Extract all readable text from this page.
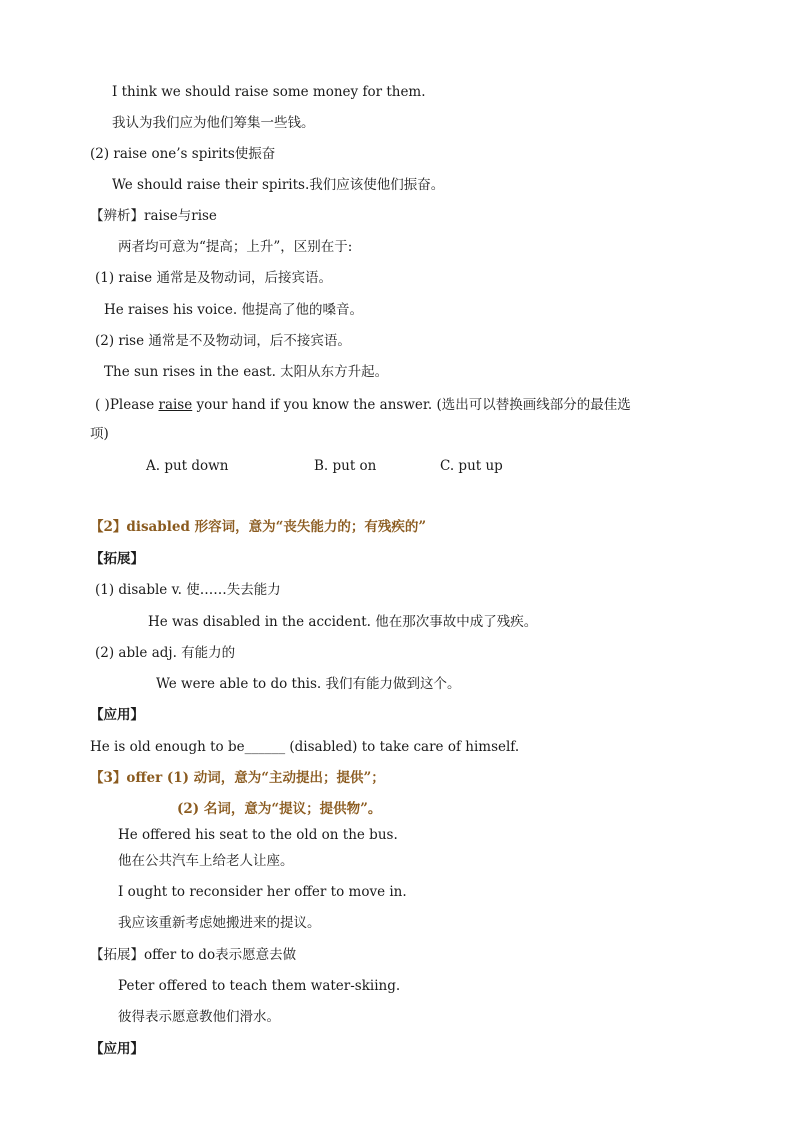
I think we should raise some money for them.
我认为我们应为他们筹集一些钱。
(2) raise one’s spirits使振奋
We should raise their spirits.我们应该使他们振奋。
【辨析】raise与rise
两者均可意为“提高；上升”，区别在于:
(1) raise 通常是及物动词，后接宾语。
He raises his voice. 他提高了他的嗓音。
(2) rise 通常是不及物动词，后不接宾语。
The sun rises in the east. 太阳从东方升起。
( )Please raise your hand if you know the answer. (选出可以替换画线部分的最佳选
项)
A. put down	B. put on	C. put up
【2】disabled 形容词，意为“丧失能力的；有残疾的”
【拓展】
(1) disable v. 使……失去能力
He was disabled in the accident. 他在那次事故中成了残疾。
(2) able adj. 有能力的
We were able to do this. 我们有能力做到这个。
【应用】
He is old enough to be______ (disabled) to take care of himself.
【3】offer (1) 动词，意为“主动提出；提供”；
(2) 名词，意为“提议；提供物”。
He offered his seat to the old on the bus.
他在公共汽车上给老人让座。
I ought to reconsider her offer to move in.
我应该重新考虑她搬进来的提议。
【拓展】offer to do表示愿意去做
Peter offered to teach them water-skiing.
彼得表示愿意教他们滑水。
【应用】
